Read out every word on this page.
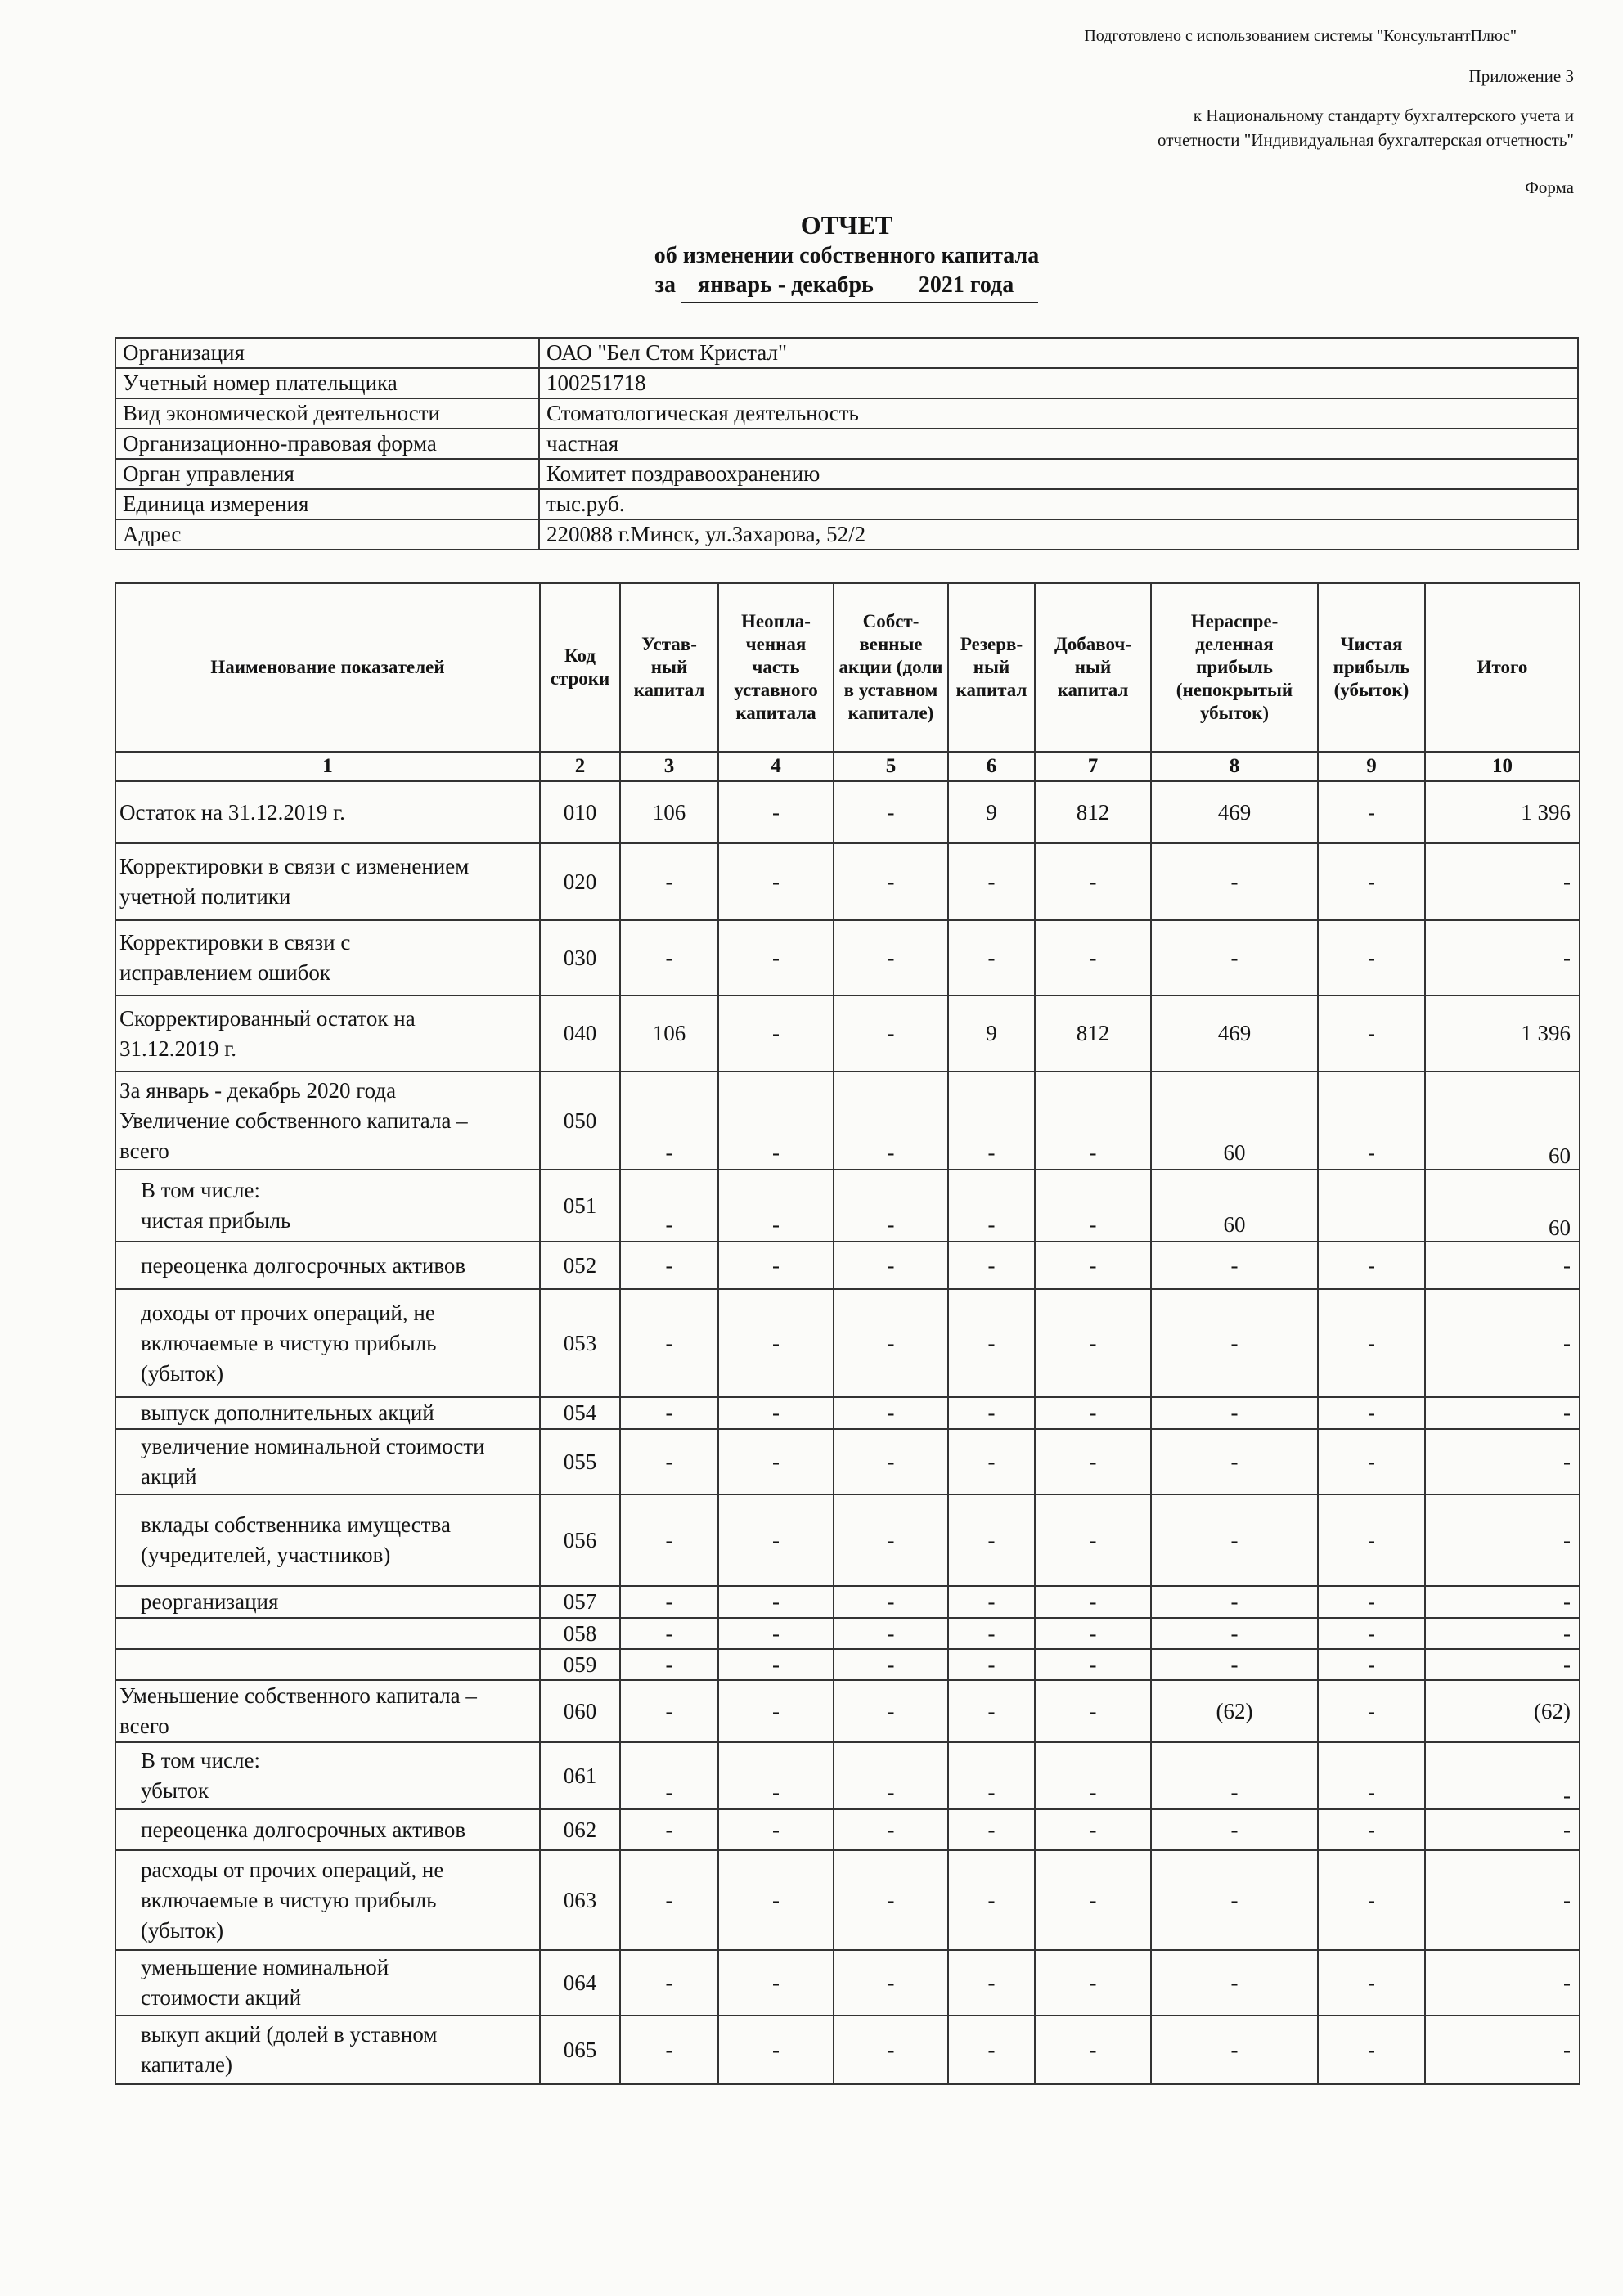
Подготовлено с использованием системы "КонсультантПлюс"
Приложение 3
к Национальному стандарту бухгалтерского учета и
отчетности "Индивидуальная бухгалтерская отчетность"
Форма
ОТЧЕТ
об изменении собственного капитала
за январь - декабрь 2021 года
Организация	ОАО "Бел Стом Кристал"
Учетный номер плательщика	100251718
Вид экономической деятельности	Стоматологическая деятельность
Организационно-правовая форма	частная
Орган управления	Комитет поздравоохранению
Единица измерения	тыс.руб.
Адрес	220088 г.Минск, ул.Захарова, 52/2
Наименование показателей	Код строки	Устав-ный капитал	Неопла-ченная часть уставного капитала	Собст-венные акции (доли в уставном капитале)	Резерв-ный капитал	Добавоч-ный капитал	Нераспре-деленная прибыль (непокрытый убыток)	Чистая прибыль (убыток)	Итого
1	2	3	4	5	6	7	8	9	10

Остаток на 31.12.2019 г.	010	106	-	-	9	812	469	-	1 396

Корректировки в связи с изменением
учетной политики	020	-	-	-	-	-	-	-	-

Корректировки в связи с
исправлением ошибок	030	-	-	-	-	-	-	-	-

Скорректированный остаток на
31.12.2019 г.	040	106	-	-	9	812	469	-	1 396

За январь - декабрь 2020 года
Увеличение собственного капитала –
всего	050	-	-	-	-	-	60	-	60

В том числе:
чистая прибыль	051	-	-	-	-	-	60		60

переоценка долгосрочных активов	052	-	-	-	-	-	-	-	-

доходы от прочих операций, не
включаемые в чистую прибыль
(убыток)	053	-	-	-	-	-	-	-	-

выпуск дополнительных акций	054	-	-	-	-	-	-	-	-

увеличение номинальной стоимости
акций	055	-	-	-	-	-	-	-	-

вклады собственника имущества
(учредителей, участников)	056	-	-	-	-	-	-	-	-

реорганизация	057	-	-	-	-	-	-	-	-

	058	-	-	-	-	-	-	-	-

	059	-	-	-	-	-	-	-	-

Уменьшение собственного капитала –
всего	060	-	-	-	-	-	(62)	-	(62)

В том числе:
убыток	061	-	-	-	-	-	-	-	-

переоценка долгосрочных активов	062	-	-	-	-	-	-	-	-

расходы от прочих операций, не
включаемые в чистую прибыль
(убыток)	063	-	-	-	-	-	-	-	-

уменьшение номинальной
стоимости акций	064	-	-	-	-	-	-	-	-

выкуп акций (долей в уставном
капитале)	065	-	-	-	-	-	-	-	-
